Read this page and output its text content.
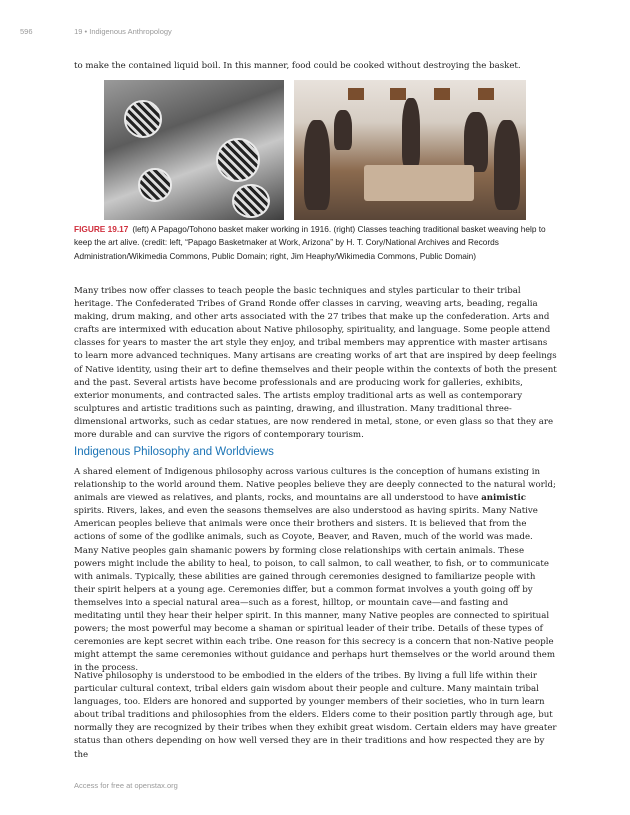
596	19 • Indigenous Anthropology

to make the contained liquid boil. In this manner, food could be cooked without destroying the basket.

FIGURE 19.17 (left) A Papago/Tohono basket maker working in 1916. (right) Classes teaching traditional basket weaving help to keep the art alive. (credit: left, “Papago Basketmaker at Work, Arizona” by H. T. Cory/National Archives and Records Administration/Wikimedia Commons, Public Domain; right, Jim Heaphy/Wikimedia Commons, Public Domain)

Many tribes now offer classes to teach people the basic techniques and styles particular to their tribal heritage. The Confederated Tribes of Grand Ronde offer classes in carving, weaving arts, beading, regalia making, drum making, and other arts associated with the 27 tribes that make up the confederation. Arts and crafts are intermixed with education about Native philosophy, spirituality, and language. Some people attend classes for years to master the art style they enjoy, and tribal members may apprentice with master artisans to learn more advanced techniques. Many artisans are creating works of art that are inspired by deep feelings of Native identity, using their art to define themselves and their people within the contexts of both the present and the past. Several artists have become professionals and are producing work for galleries, exhibits, exterior monuments, and contracted sales. The artists employ traditional arts as well as contemporary sculptures and artistic traditions such as painting, drawing, and illustration. Many traditional three-dimensional artworks, such as cedar statues, are now rendered in metal, stone, or even glass so that they are more durable and can survive the rigors of contemporary tourism.

Indigenous Philosophy and Worldviews

A shared element of Indigenous philosophy across various cultures is the conception of humans existing in relationship to the world around them. Native peoples believe they are deeply connected to the natural world; animals are viewed as relatives, and plants, rocks, and mountains are all understood to have animistic spirits. Rivers, lakes, and even the seasons themselves are also understood as having spirits. Many Native American peoples believe that animals were once their brothers and sisters. It is believed that from the actions of some of the godlike animals, such as Coyote, Beaver, and Raven, much of the world was made. Many Native peoples gain shamanic powers by forming close relationships with certain animals. These powers might include the ability to heal, to poison, to call salmon, to call weather, to fish, or to communicate with animals. Typically, these abilities are gained through ceremonies designed to familiarize people with their spirit helpers at a young age. Ceremonies differ, but a common format involves a youth going off by themselves into a special natural area—such as a forest, hilltop, or mountain cave—and fasting and meditating until they hear their helper spirit. In this manner, many Native peoples are connected to spiritual powers; the most powerful may become a shaman or spiritual leader of their tribe. Details of these types of ceremonies are kept secret within each tribe. One reason for this secrecy is a concern that non-Native people might attempt the same ceremonies without guidance and perhaps hurt themselves or the world around them in the process.

Native philosophy is understood to be embodied in the elders of the tribes. By living a full life within their particular cultural context, tribal elders gain wisdom about their people and culture. Many maintain tribal languages, too. Elders are honored and supported by younger members of their societies, who in turn learn about tribal traditions and philosophies from the elders. Elders come to their position partly through age, but normally they are recognized by their tribes when they exhibit great wisdom. Certain elders may have greater status than others depending on how well versed they are in their traditions and how respected they are by the

Access for free at openstax.org
